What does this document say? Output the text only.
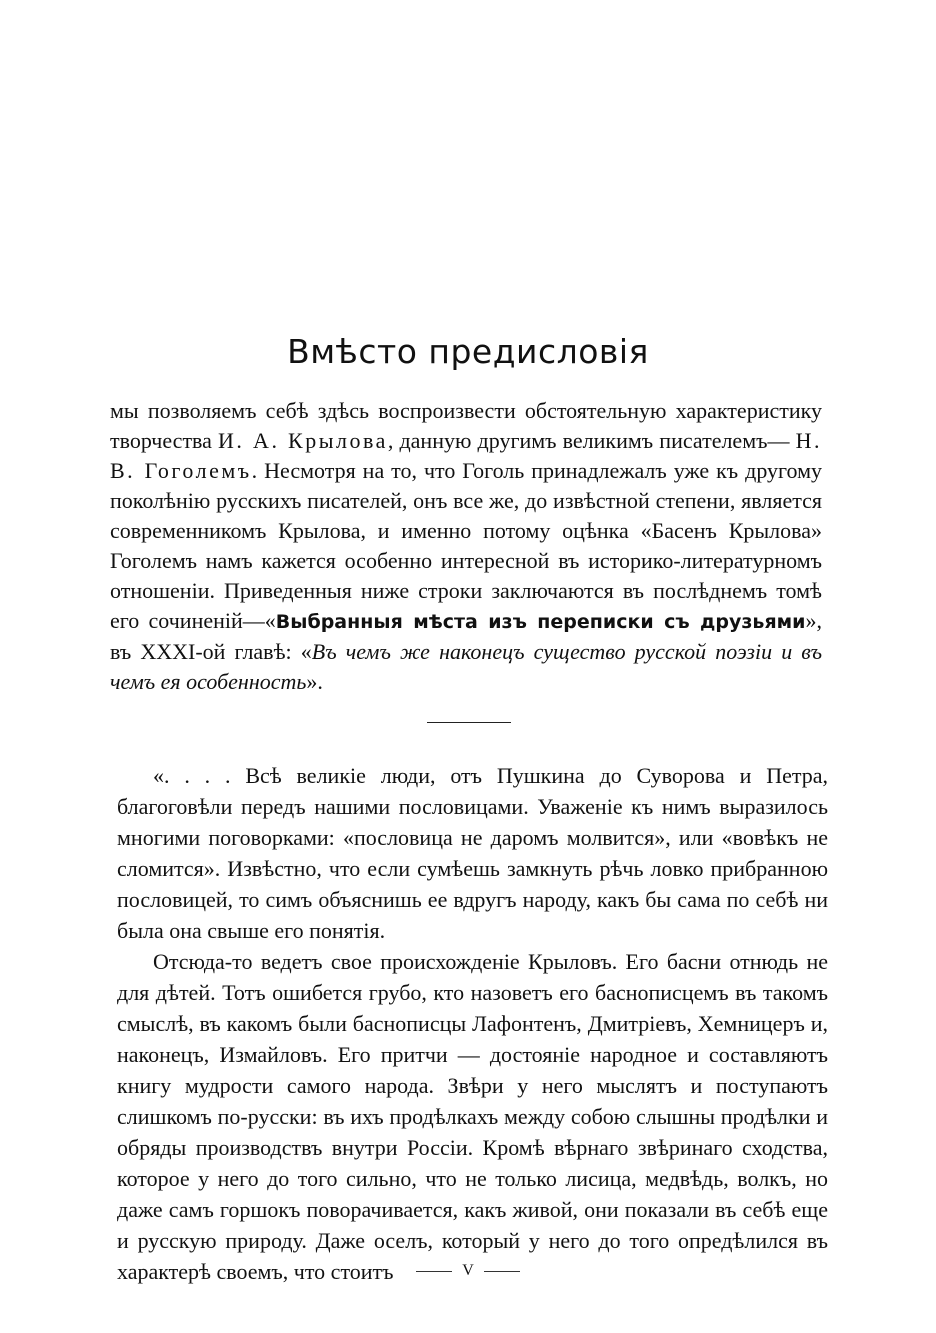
Вмѣсто предисловія

мы позволяемъ себѣ здѣсь воспроизвести обстоятельную характеристику творчества И. А. Крылова, данную другимъ великимъ писателемъ— Н. В. Гоголемъ. Несмотря на то, что Гоголь принадлежалъ уже къ другому поколѣнію русскихъ писателей, онъ все же, до извѣстной степени, является современникомъ Крылова, и именно потому оцѣнка «Басенъ Крылова» Гоголемъ намъ кажется особенно интересной въ историко-литературномъ отношеніи. Приведенныя ниже строки заключаются въ послѣднемъ томѣ его сочиненій—«Выбранныя мѣста изъ переписки съ друзьями», въ XXXI-ой главѣ: «Въ чемъ же наконецъ существо русской поэзіи и въ чемъ ея особенность».

«. . . . Всѣ великіе люди, отъ Пушкина до Суворова и Петра, благоговѣли передъ нашими пословицами. Уваженіе къ нимъ выразилось многими поговорками: «пословица не даромъ молвится», или «вовѣкъ не сломится». Извѣстно, что если сумѣешь замкнуть рѣчь ловко прибранною пословицей, то симъ объяснишь ее вдругъ народу, какъ бы сама по себѣ ни была она свыше его понятія.

Отсюда-то ведетъ свое происхожденіе Крыловъ. Его басни отнюдь не для дѣтей. Тотъ ошибется грубо, кто назоветъ его баснописцемъ въ такомъ смыслѣ, въ какомъ были баснописцы Лафонтенъ, Дмитріевъ, Хемницеръ и, наконецъ, Измайловъ. Его притчи — достояніе народное и составляютъ книгу мудрости самого народа. Звѣри у него мыслятъ и поступаютъ слишкомъ по-русски: въ ихъ продѣлкахъ между собою слышны продѣлки и обряды производствъ внутри Россіи. Кромѣ вѣрнаго звѣринаго сходства, которое у него до того сильно, что не только лисица, медвѣдь, волкъ, но даже самъ горшокъ поворачивается, какъ живой, они показали въ себѣ еще и русскую природу. Даже оселъ, который у него до того опредѣлился въ характерѣ своемъ, что стоитъ	V
